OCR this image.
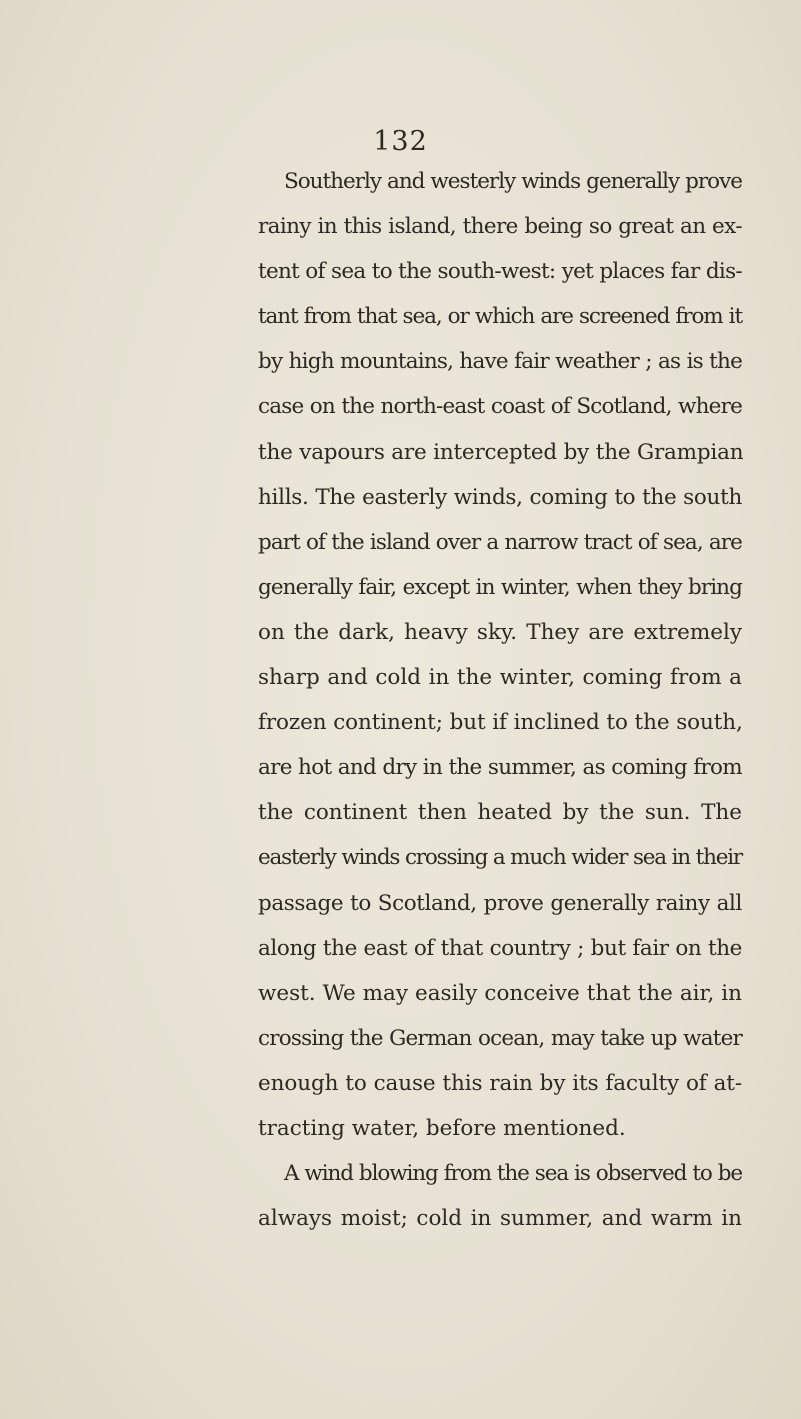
132
Southerly and westerly winds generally prove
rainy in this island, there being so great an ex-
tent of sea to the south-west: yet places far dis-
tant from that sea, or which are screened from it
by high mountains, have fair weather ; as is the
case on the north-east coast of Scotland, where
the vapours are intercepted by the Grampian
hills. The easterly winds, coming to the south
part of the island over a narrow tract of sea, are
generally fair, except in winter, when they bring
on the dark, heavy sky. They are extremely
sharp and cold in the winter, coming from a
frozen continent; but if inclined to the south,
are hot and dry in the summer, as coming from
the continent then heated by the sun. The
easterly winds crossing a much wider sea in their
passage to Scotland, prove generally rainy all
along the east of that country ; but fair on the
west. We may easily conceive that the air, in
crossing the German ocean, may take up water
enough to cause this rain by its faculty of at-
tracting water, before mentioned.
A wind blowing from the sea is observed to be
always moist; cold in summer, and warm in
